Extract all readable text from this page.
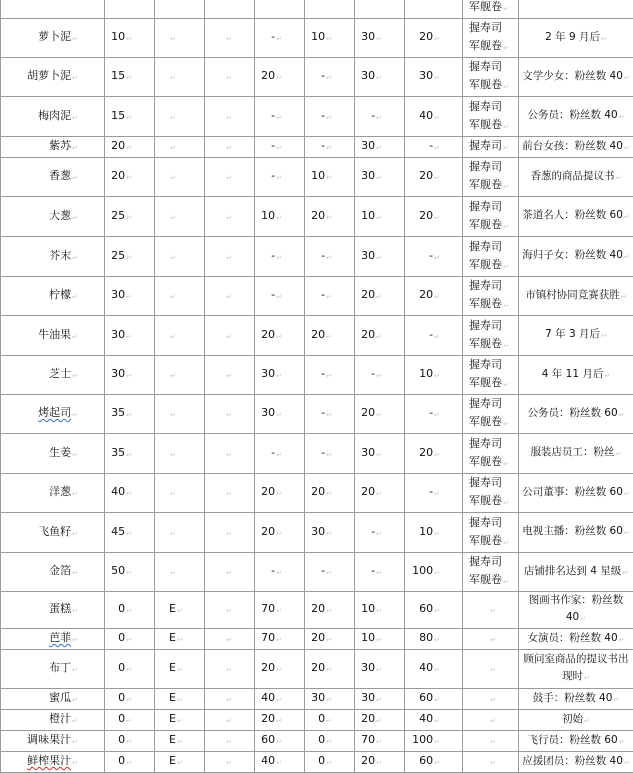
								军舰卷↵	
萝卜泥↵	10↵	↵	↵	-↵	10↵	30↵	20↵	握寿司
军舰卷↵	2 年 9 月后↵
胡萝卜泥↵	15↵	↵	↵	20↵	-↵	30↵	30↵	握寿司
军舰卷↵	文学少女：粉丝数 40↵
梅肉泥↵	15↵	↵	↵	-↵	-↵	-↵	40↵	握寿司
军舰卷↵	公务员：粉丝数 40↵
紫苏↵	20↵	↵	↵	-↵	-↵	30↵	-↵	握寿司↵	前台女孩：粉丝数 40↵
香葱↵	20↵	↵	↵	-↵	10↵	30↵	20↵	握寿司
军舰卷↵	香葱的商品提议书↵
大葱↵	25↵	↵	↵	10↵	20↵	10↵	20↵	握寿司
军舰卷↵	茶道名人：粉丝数 60↵
芥末↵	25↵	↵	↵	-↵	-↵	30↵	-↵	握寿司
军舰卷↵	海归子女：粉丝数 40↵
柠檬↵	30↵	↵	↵	-↵	-↵	20↵	20↵	握寿司
军舰卷↵	市镇村协同竞赛获胜↵
牛油果↵	30↵	↵	↵	20↵	20↵	20↵	-↵	握寿司
军舰卷↵	7 年 3 月后↵
芝士↵	30↵	↵	↵	30↵	-↵	-↵	10↵	握寿司
军舰卷↵	4 年 11 月后↵
烤起司↵	35↵	↵	↵	30↵	-↵	20↵	-↵	握寿司
军舰卷↵	公务员：粉丝数 60↵
生姜↵	35↵	↵	↵	-↵	-↵	30↵	20↵	握寿司
军舰卷↵	服装店员工：粉丝↵
洋葱↵	40↵	↵	↵	20↵	20↵	20↵	-↵	握寿司
军舰卷↵	公司董事：粉丝数 60↵
飞鱼籽↵	45↵	↵	↵	20↵	30↵	-↵	10↵	握寿司
军舰卷↵	电视主播：粉丝数 60↵
金箔↵	50↵	↵	↵	-↵	-↵	-↵	100↵	握寿司
军舰卷↵	店铺排名达到 4 星级↵
蛋糕↵	0↵	E↵	↵	70↵	20↵	10↵	60↵	↵	图画书作家：粉丝数 40↵
芭菲↵	0↵	E↵	↵	70↵	20↵	10↵	80↵	↵	女演员：粉丝数 40↵
布丁↵	0↵	E↵	↵	20↵	20↵	30↵	40↵	↵	顾问室商品的提议书出现时↵
蜜瓜↵	0↵	E↵	↵	40↵	30↵	30↵	60↵	↵	鼓手：粉丝数 40↵
橙汁↵	0↵	E↵	↵	20↵	0↵	20↵	40↵	↵	初始↵
调味果汁↵	0↵	E↵	↵	60↵	0↵	70↵	100↵	↵	飞行员：粉丝数 60↵
鲜榨果汁↵	0↵	E↵	↵	40↵	0↵	20↵	60↵	↵	应援团员：粉丝数 40↵
